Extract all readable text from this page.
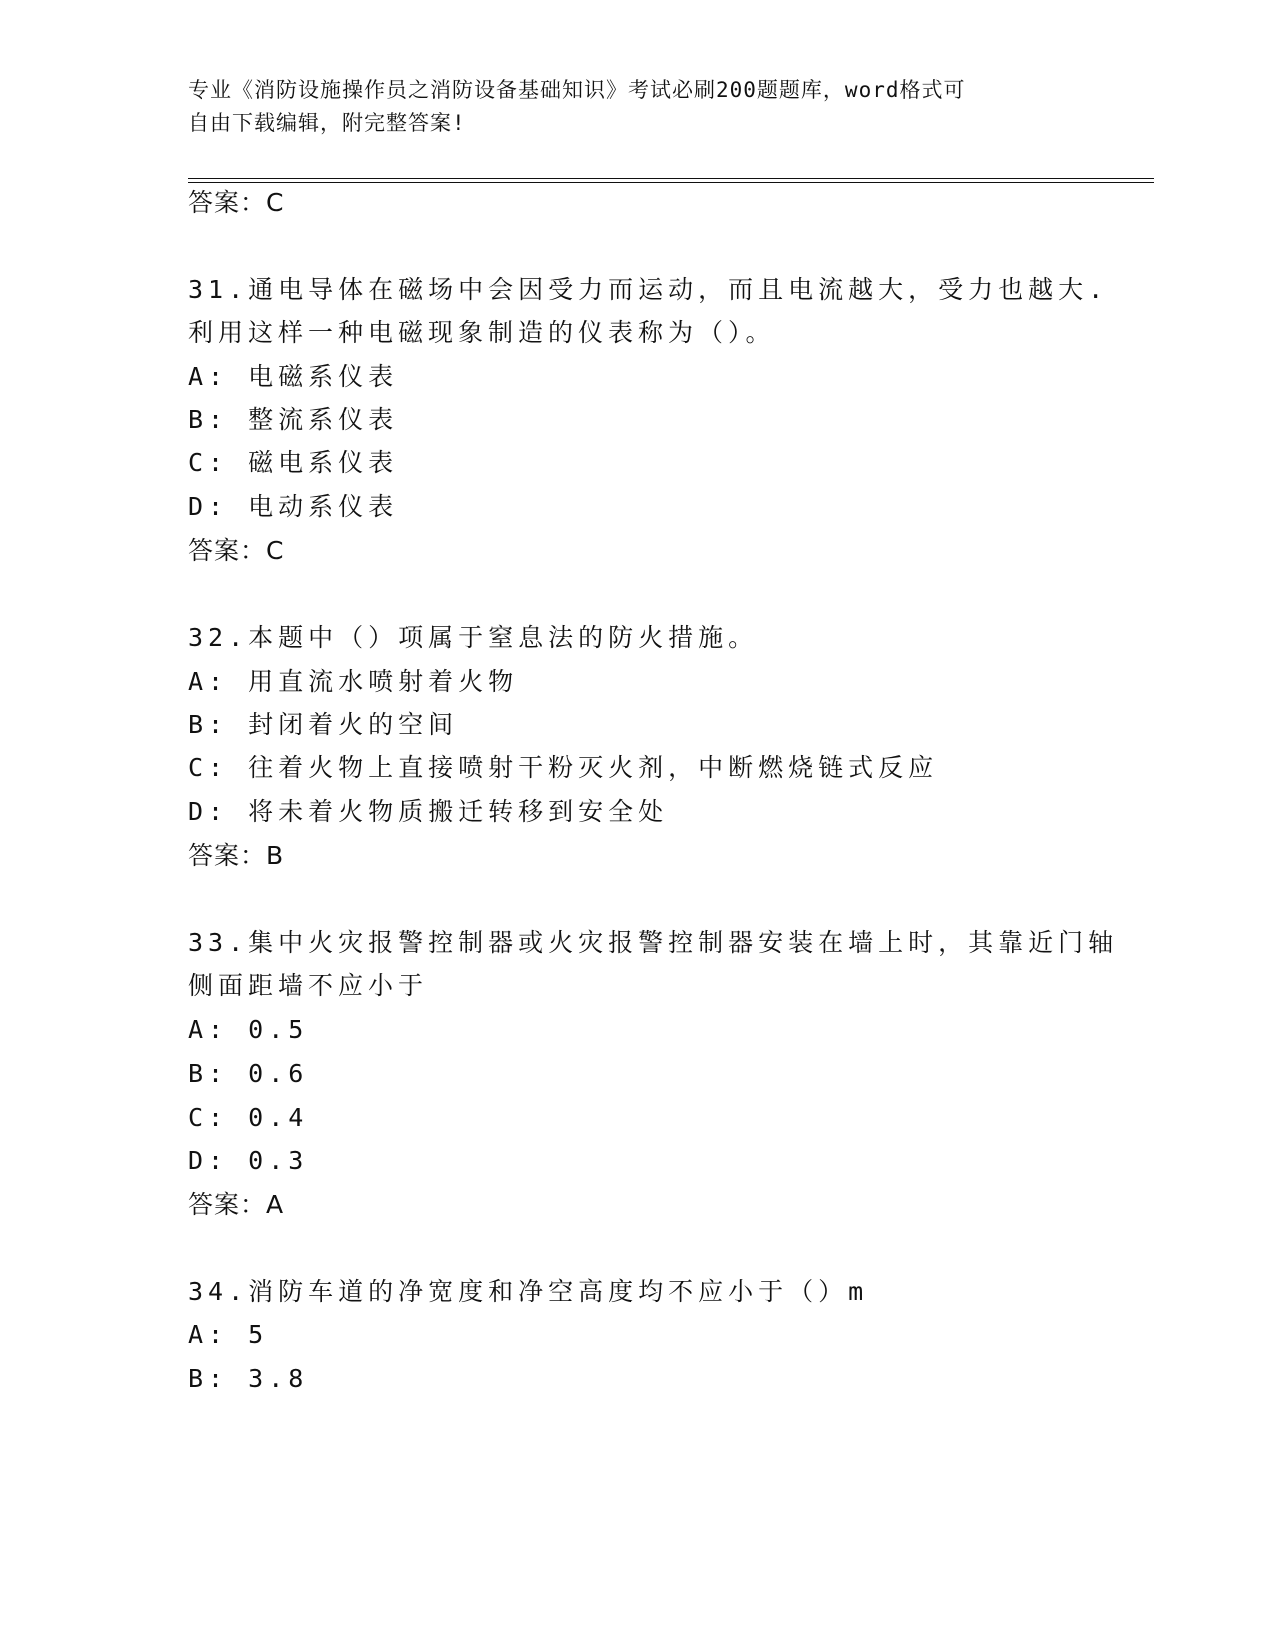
专业《消防设施操作员之消防设备基础知识》考试必刷200题题库，word格式可
自由下载编辑，附完整答案!
答案：C
31.通电导体在磁场中会因受力而运动，而且电流越大，受力也越大.
利用这样一种电磁现象制造的仪表称为（）。
A: 电磁系仪表
B: 整流系仪表
C: 磁电系仪表
D: 电动系仪表
答案：C
32.本题中（）项属于窒息法的防火措施。
A: 用直流水喷射着火物
B: 封闭着火的空间
C: 往着火物上直接喷射干粉灭火剂，中断燃烧链式反应
D: 将未着火物质搬迁转移到安全处
答案：B
33.集中火灾报警控制器或火灾报警控制器安装在墙上时，其靠近门轴
侧面距墙不应小于
A: 0.5
B: 0.6
C: 0.4
D: 0.3
答案：A
34.消防车道的净宽度和净空高度均不应小于（）m
A: 5
B: 3.8
